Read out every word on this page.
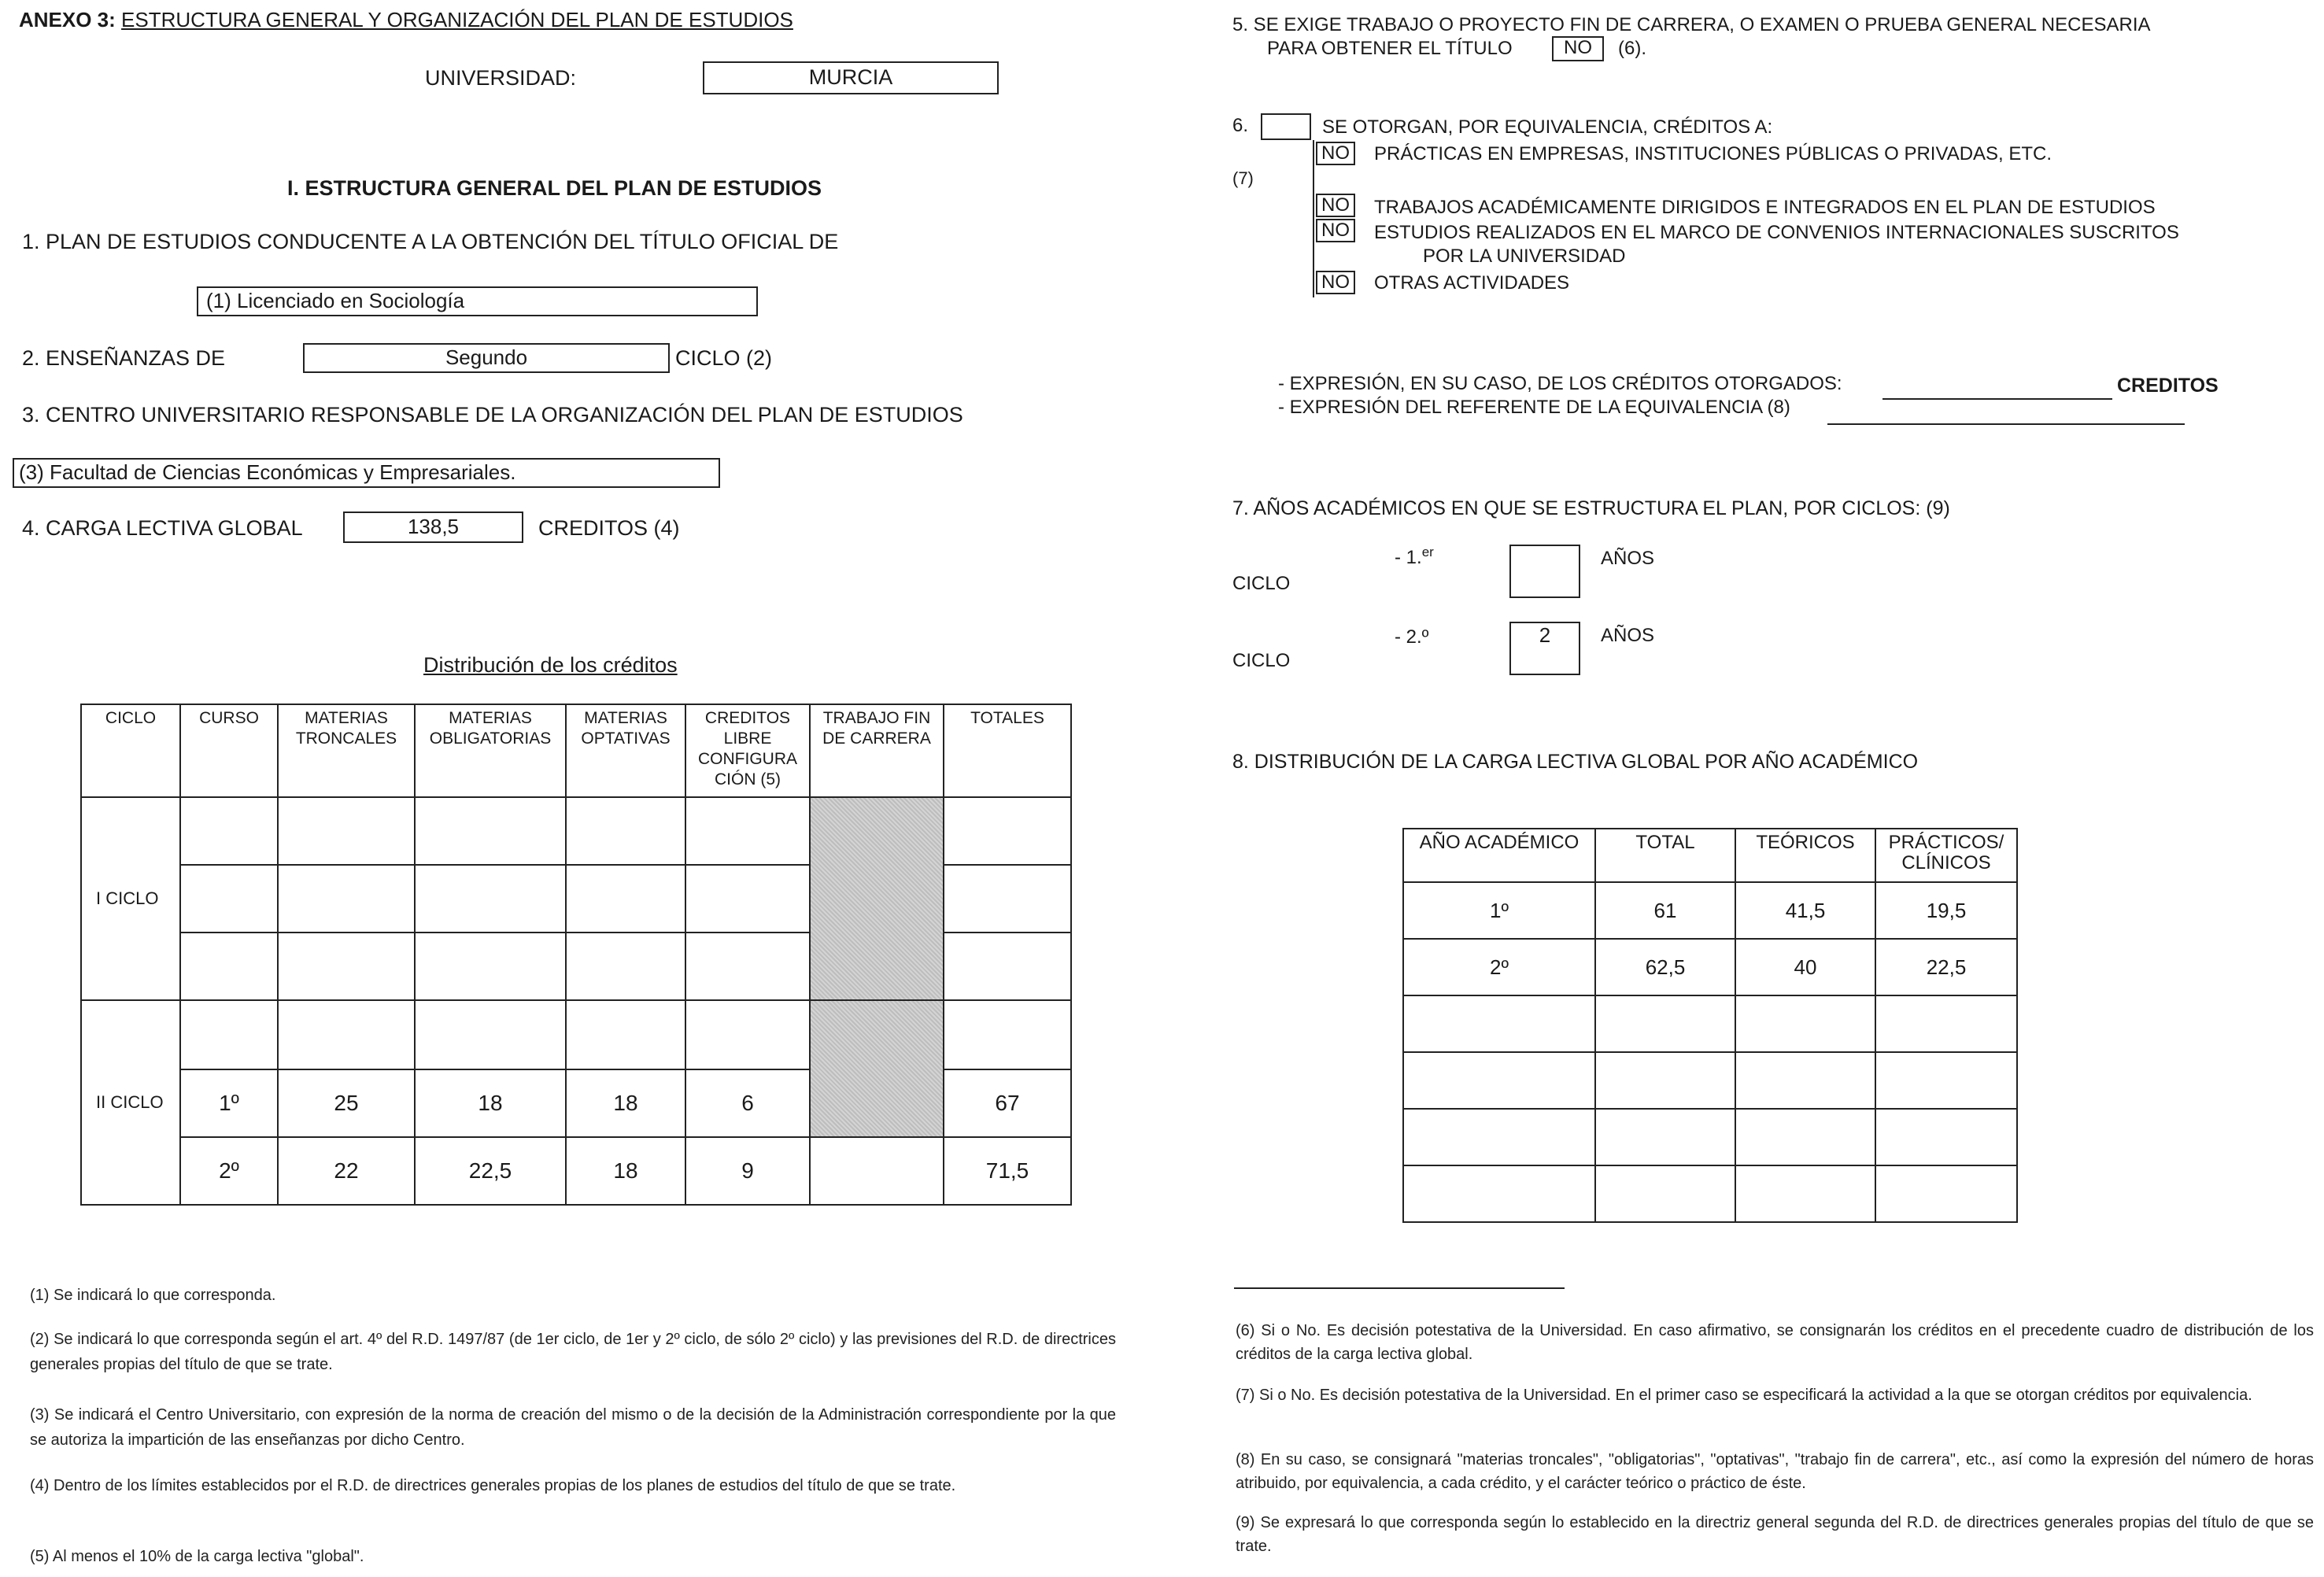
ANEXO 3: ESTRUCTURA GENERAL Y ORGANIZACIÓN DEL PLAN DE ESTUDIOS
UNIVERSIDAD:	MURCIA
I. ESTRUCTURA GENERAL DEL PLAN DE ESTUDIOS
1. PLAN DE ESTUDIOS CONDUCENTE A LA OBTENCIÓN DEL TÍTULO OFICIAL DE
(1) Licenciado en Sociología
2. ENSEÑANZAS DE	Segundo	CICLO (2)
3. CENTRO UNIVERSITARIO RESPONSABLE DE LA ORGANIZACIÓN DEL PLAN DE ESTUDIOS
(3) Facultad de Ciencias Económicas y Empresariales.
4. CARGA LECTIVA GLOBAL	138,5	CREDITOS (4)
Distribución de los créditos
CICLO	CURSO	MATERIAS TRONCALES	MATERIAS OBLIGATORIAS	MATERIAS OPTATIVAS	CREDITOS LIBRE CONFIGURA CIÓN (5)	TRABAJO FIN DE CARRERA	TOTALES
I CICLO							

II CICLO							
	1º	25	18	18	6		67
	2º	22	22,5	18	9		71,5
(1) Se indicará lo que corresponda.
(2) Se indicará lo que corresponda según el art. 4º del R.D. 1497/87 (de 1er ciclo, de 1er y 2º ciclo, de sólo 2º ciclo) y las previsiones del R.D. de directrices generales propias del título de que se trate.
(3) Se indicará el Centro Universitario, con expresión de la norma de creación del mismo o de la decisión de la Administración correspondiente por la que se autoriza la impartición de las enseñanzas por dicho Centro.
(4) Dentro de los límites establecidos por el R.D. de directrices generales propias de los planes de estudios del título de que se trate.
(5) Al menos el 10% de la carga lectiva "global".
5. SE EXIGE TRABAJO O PROYECTO FIN DE CARRERA, O EXAMEN O PRUEBA GENERAL NECESARIA
PARA OBTENER EL TÍTULO	NO	(6).
6.	SE OTORGAN, POR EQUIVALENCIA, CRÉDITOS A:
(7)
NO PRÁCTICAS EN EMPRESAS, INSTITUCIONES PÚBLICAS O PRIVADAS, ETC.
NO TRABAJOS ACADÉMICAMENTE DIRIGIDOS E INTEGRADOS EN EL PLAN DE ESTUDIOS
NO ESTUDIOS REALIZADOS EN EL MARCO DE CONVENIOS INTERNACIONALES SUSCRITOS
POR LA UNIVERSIDAD
NO OTRAS ACTIVIDADES
- EXPRESIÓN, EN SU CASO, DE LOS CRÉDITOS OTORGADOS:	CREDITOS
- EXPRESIÓN DEL REFERENTE DE LA EQUIVALENCIA (8)
7. AÑOS ACADÉMICOS EN QUE SE ESTRUCTURA EL PLAN, POR CICLOS: (9)
- 1.$^{er}$
CICLO
AÑOS
- 2.º
CICLO
2	AÑOS
8. DISTRIBUCIÓN DE LA CARGA LECTIVA GLOBAL POR AÑO ACADÉMICO
AÑO ACADÉMICO	TOTAL	TEÓRICOS	PRÁCTICOS/ CLÍNICOS
1º	61	41,5	19,5
2º	62,5	40	22,5

(6) Si o No. Es decisión potestativa de la Universidad. En caso afirmativo, se consignarán los créditos en el precedente cuadro de distribución de los créditos de la carga lectiva global.
(7) Si o No. Es decisión potestativa de la Universidad. En el primer caso se especificará la actividad a la que se otorgan créditos por equivalencia.
(8) En su caso, se consignará "materias troncales", "obligatorias", "optativas", "trabajo fin de carrera", etc., así como la expresión del número de horas atribuido, por equivalencia, a cada crédito, y el carácter teórico o práctico de éste.
(9) Se expresará lo que corresponda según lo establecido en la directriz general segunda del R.D. de directrices generales propias del título de que se trate.
